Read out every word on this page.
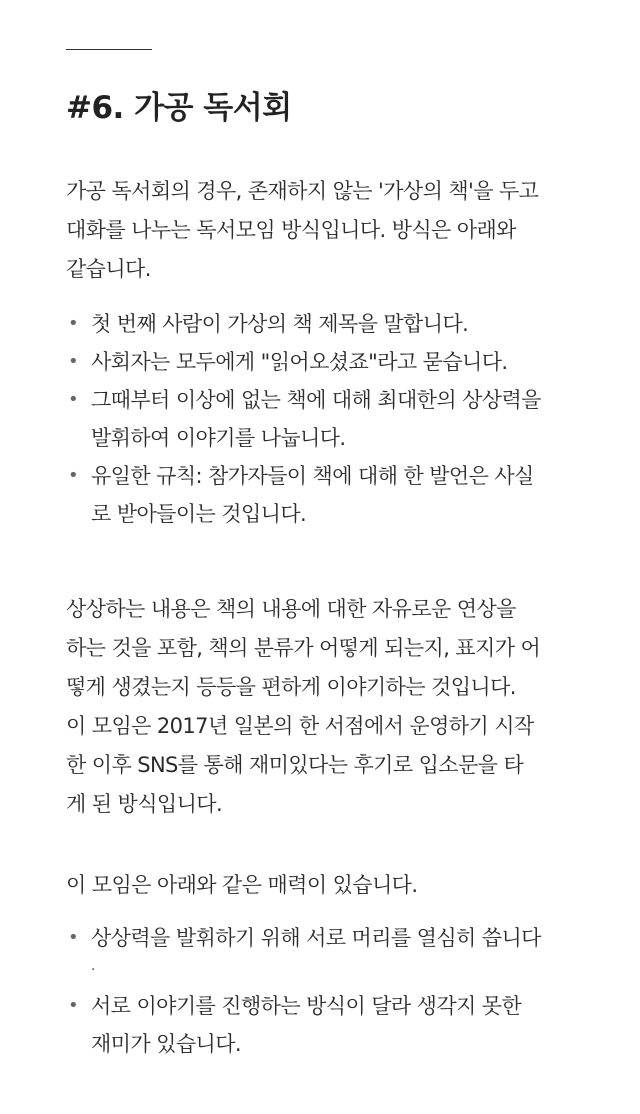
#6. 가공 독서회
가공 독서회의 경우, 존재하지 않는 '가상의 책'을 두고
대화를 나누는 독서모임 방식입니다. 방식은 아래와
같습니다.
• 첫 번째 사람이 가상의 책 제목을 말합니다.
• 사회자는 모두에게 "읽어오셨죠"라고 묻습니다.
• 그때부터 이상에 없는 책에 대해 최대한의 상상력을
발휘하여 이야기를 나눕니다.
• 유일한 규칙: 참가자들이 책에 대해 한 발언은 사실
로 받아들이는 것입니다.
상상하는 내용은 책의 내용에 대한 자유로운 연상을
하는 것을 포함, 책의 분류가 어떻게 되는지, 표지가 어
떻게 생겼는지 등등을 편하게 이야기하는 것입니다.
이 모임은 2017년 일본의 한 서점에서 운영하기 시작
한 이후 SNS를 통해 재미있다는 후기로 입소문을 타
게 된 방식입니다.
이 모임은 아래와 같은 매력이 있습니다.
• 상상력을 발휘하기 위해 서로 머리를 열심히 씁니다
.
• 서로 이야기를 진행하는 방식이 달라 생각지 못한
재미가 있습니다.
